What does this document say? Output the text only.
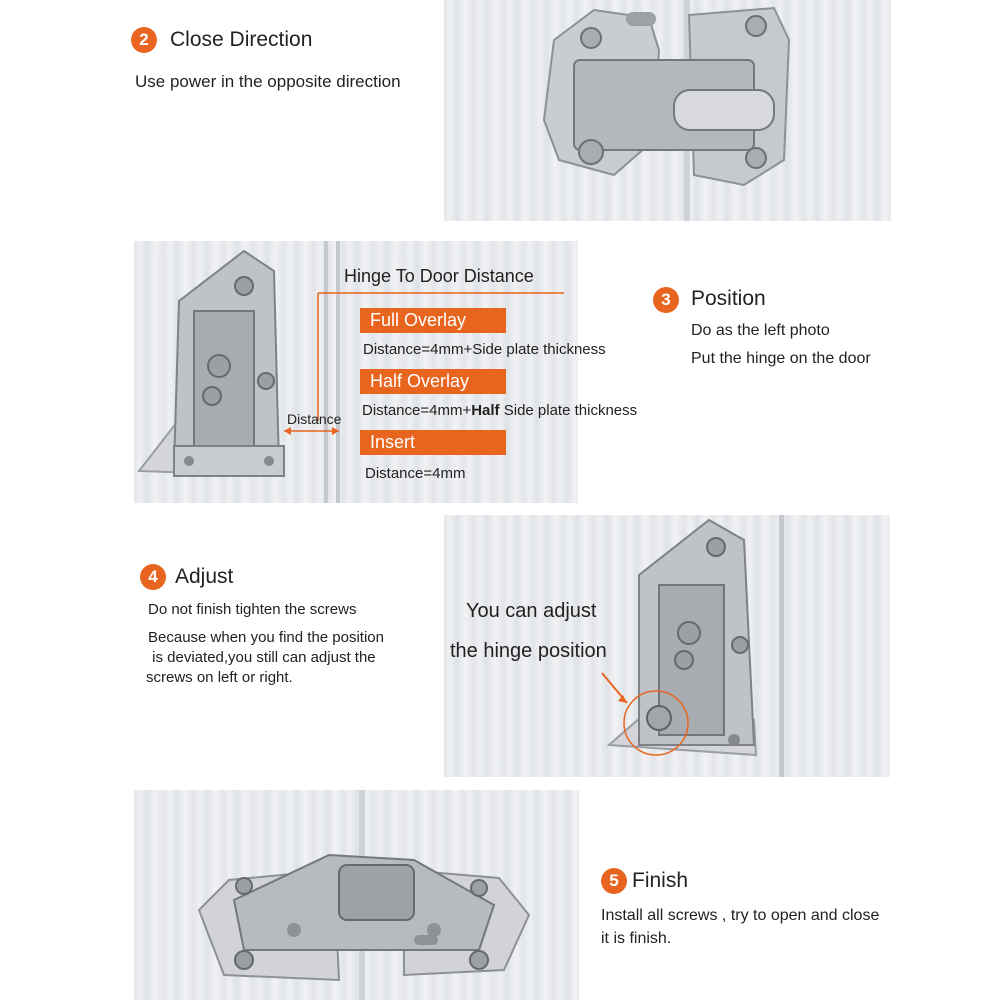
2	Close Direction
Use power in the opposite direction
Hinge To Door Distance
Distance
Full Overlay
Distance=4mm+Side plate thickness
Half Overlay
Distance=4mm+Half Side plate thickness
Insert
Distance=4mm
3 Position
Do as the left photo
Put the hinge on the door
4 Adjust
Do not finish tighten the screws
Because when you find the position
is deviated,you still can adjust the
screws on left or right.
You can adjust
the hinge position
5 Finish
Install all screws , try to open and close
it is finish.
